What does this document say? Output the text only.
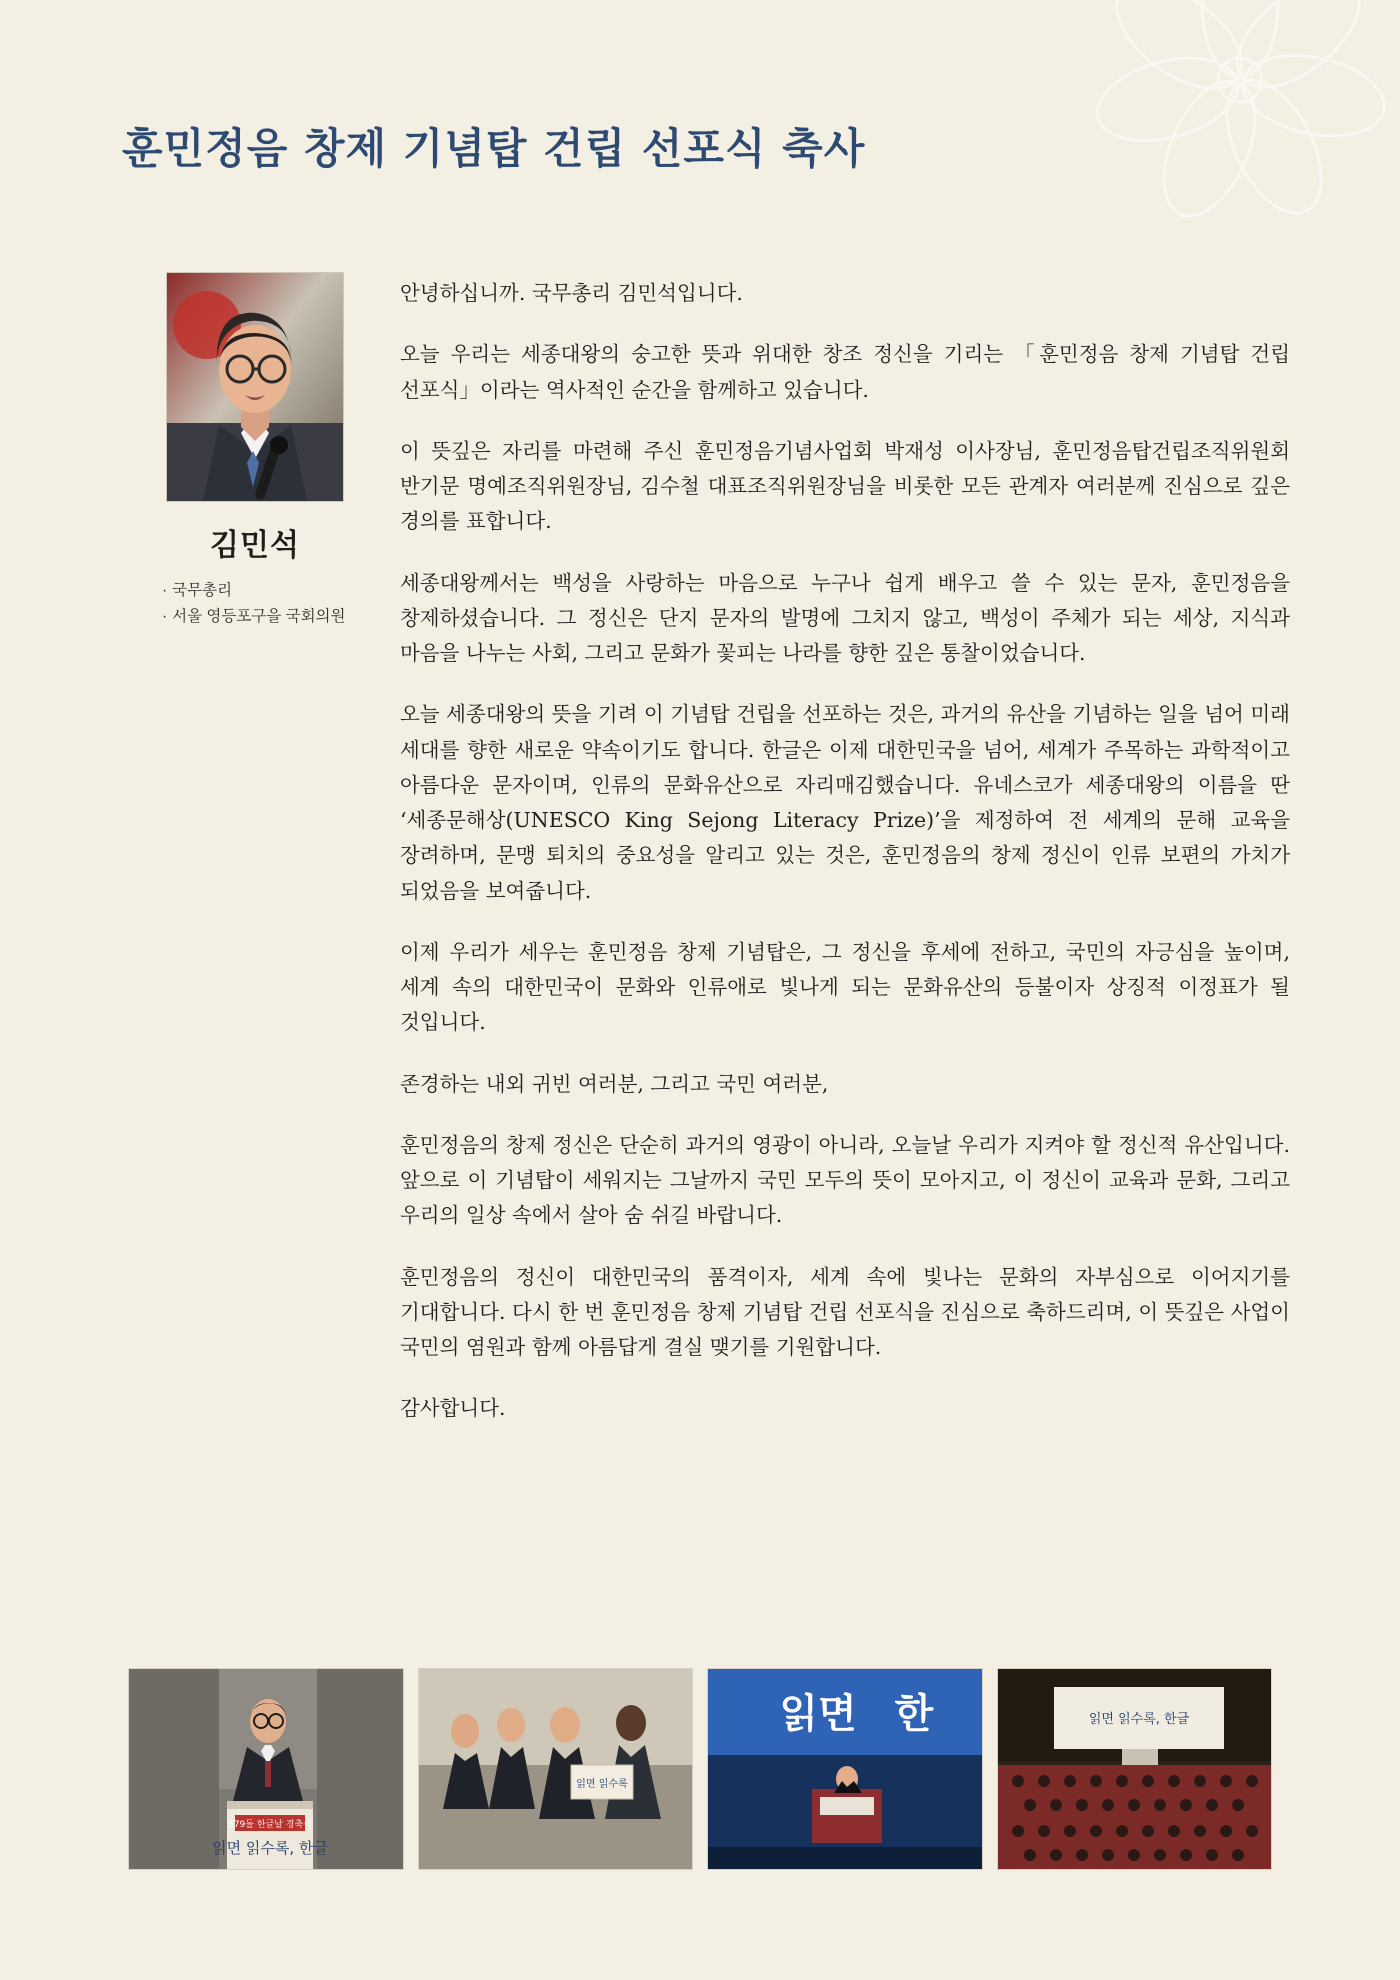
훈민정음 창제 기념탑 건립 선포식 축사
김민석
· 국무총리
· 서울 영등포구을 국회의원

안녕하십니까. 국무총리 김민석입니다.

오늘 우리는 세종대왕의 숭고한 뜻과 위대한 창조 정신을 기리는 「훈민정음 창제 기념탑 건립 선포식」이라는 역사적인 순간을 함께하고 있습니다.

이 뜻깊은 자리를 마련해 주신 훈민정음기념사업회 박재성 이사장님, 훈민정음탑건립조직위원회 반기문 명예조직위원장님, 김수철 대표조직위원장님을 비롯한 모든 관계자 여러분께 진심으로 깊은 경의를 표합니다.

세종대왕께서는 백성을 사랑하는 마음으로 누구나 쉽게 배우고 쓸 수 있는 문자, 훈민정음을 창제하셨습니다. 그 정신은 단지 문자의 발명에 그치지 않고, 백성이 주체가 되는 세상, 지식과 마음을 나누는 사회, 그리고 문화가 꽃피는 나라를 향한 깊은 통찰이었습니다.

오늘 세종대왕의 뜻을 기려 이 기념탑 건립을 선포하는 것은, 과거의 유산을 기념하는 일을 넘어 미래 세대를 향한 새로운 약속이기도 합니다. 한글은 이제 대한민국을 넘어, 세계가 주목하는 과학적이고 아름다운 문자이며, 인류의 문화유산으로 자리매김했습니다. 유네스코가 세종대왕의 이름을 딴 ‘세종문해상(UNESCO King Sejong Literacy Prize)’을 제정하여 전 세계의 문해 교육을 장려하며, 문맹 퇴치의 중요성을 알리고 있는 것은, 훈민정음의 창제 정신이 인류 보편의 가치가 되었음을 보여줍니다.

이제 우리가 세우는 훈민정음 창제 기념탑은, 그 정신을 후세에 전하고, 국민의 자긍심을 높이며, 세계 속의 대한민국이 문화와 인류애로 빛나게 되는 문화유산의 등불이자 상징적 이정표가 될 것입니다.

존경하는 내외 귀빈 여러분, 그리고 국민 여러분,

훈민정음의 창제 정신은 단순히 과거의 영광이 아니라, 오늘날 우리가 지켜야 할 정신적 유산입니다. 앞으로 이 기념탑이 세워지는 그날까지 국민 모두의 뜻이 모아지고, 이 정신이 교육과 문화, 그리고 우리의 일상 속에서 살아 숨 쉬길 바랍니다.

훈민정음의 정신이 대한민국의 품격이자, 세계 속에 빛나는 문화의 자부심으로 이어지기를 기대합니다. 다시 한 번 훈민정음 창제 기념탑 건립 선포식을 진심으로 축하드리며, 이 뜻깊은 사업이 국민의 염원과 함께 아름답게 결실 맺기를 기원합니다.

감사합니다.

579돌 한글날 경축식
읽면 읽수록, 한글
읽면 읽수록
읽면 한	읽면 읽수록, 한글
